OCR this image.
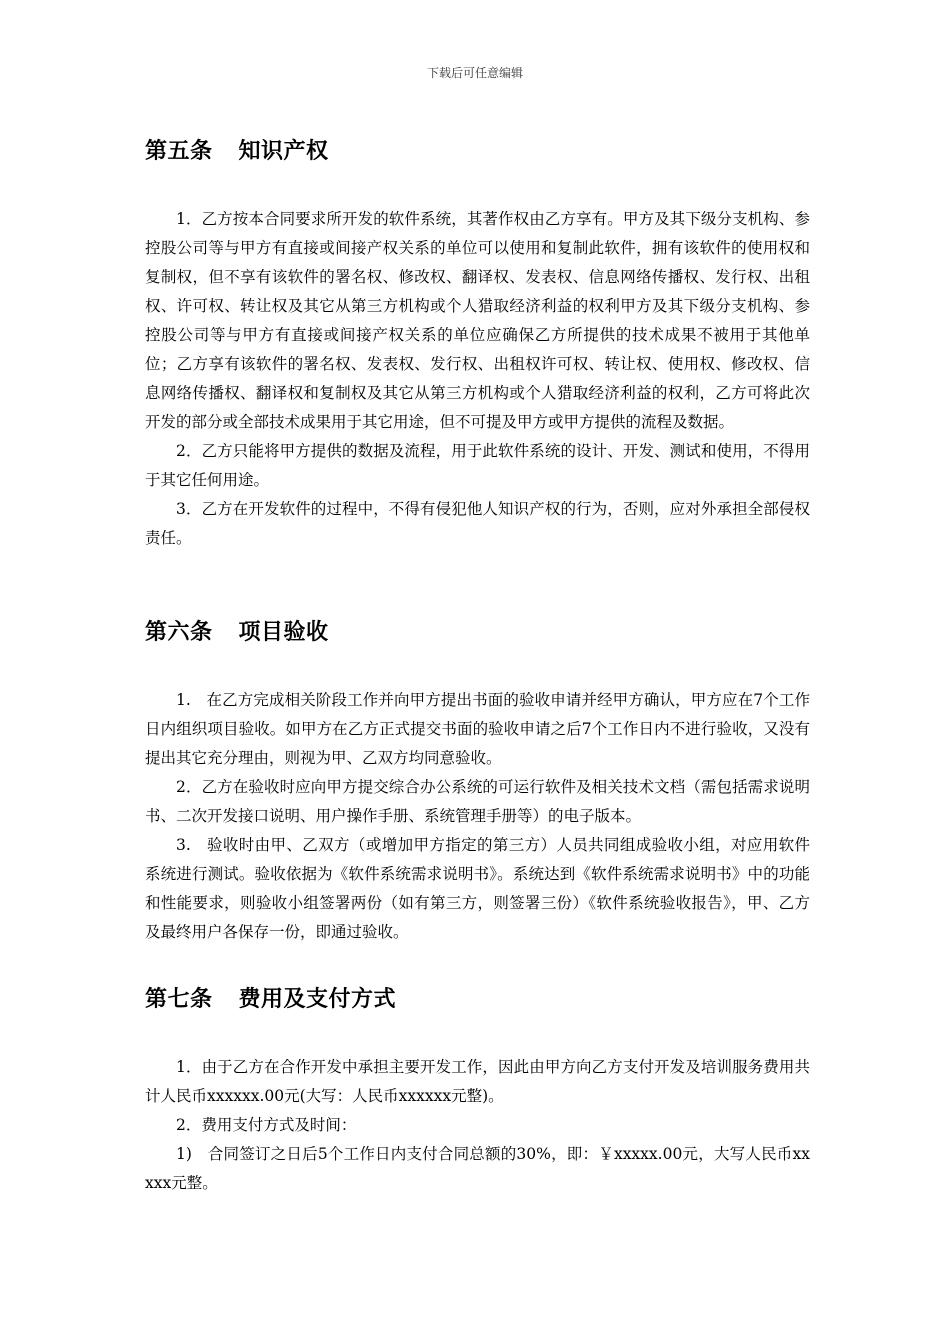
下载后可任意编辑
第五条 知识产权

1．乙方按本合同要求所开发的软件系统，其著作权由乙方享有。甲方及其下级分支机构、参控股公司等与甲方有直接或间接产权关系的单位可以使用和复制此软件，拥有该软件的使用权和复制权，但不享有该软件的署名权、修改权、翻译权、发表权、信息网络传播权、发行权、出租权、许可权、转让权及其它从第三方机构或个人猎取经济利益的权利甲方及其下级分支机构、参控股公司等与甲方有直接或间接产权关系的单位应确保乙方所提供的技术成果不被用于其他单位；乙方享有该软件的署名权、发表权、发行权、出租权许可权、转让权、使用权、修改权、信息网络传播权、翻译权和复制权及其它从第三方机构或个人猎取经济利益的权利，乙方可将此次开发的部分或全部技术成果用于其它用途，但不可提及甲方或甲方提供的流程及数据。

2．乙方只能将甲方提供的数据及流程，用于此软件系统的设计、开发、测试和使用，不得用于其它任何用途。

3．乙方在开发软件的过程中，不得有侵犯他人知识产权的行为，否则，应对外承担全部侵权责任。

第六条 项目验收

1.　在乙方完成相关阶段工作并向甲方提出书面的验收申请并经甲方确认，甲方应在7个工作日内组织项目验收。如甲方在乙方正式提交书面的验收申请之后7个工作日内不进行验收，又没有提出其它充分理由，则视为甲、乙双方均同意验收。

2．乙方在验收时应向甲方提交综合办公系统的可运行软件及相关技术文档（需包括需求说明书、二次开发接口说明、用户操作手册、系统管理手册等）的电子版本。

3.　验收时由甲、乙双方（或增加甲方指定的第三方）人员共同组成验收小组，对应用软件系统进行测试。验收依据为《软件系统需求说明书》。系统达到《软件系统需求说明书》中的功能和性能要求，则验收小组签署两份（如有第三方，则签署三份）《软件系统验收报告》，甲、乙方及最终用户各保存一份，即通过验收。

第七条 费用及支付方式

1．由于乙方在合作开发中承担主要开发工作，因此由甲方向乙方支付开发及培训服务费用共计人民币xxxxxx.00元(大写：人民币xxxxxx元整)。

2．费用支付方式及时间：

1)　合同签订之日后5个工作日内支付合同总额的30%，即：￥xxxxx.00元，大写人民币xxxxx元整。
